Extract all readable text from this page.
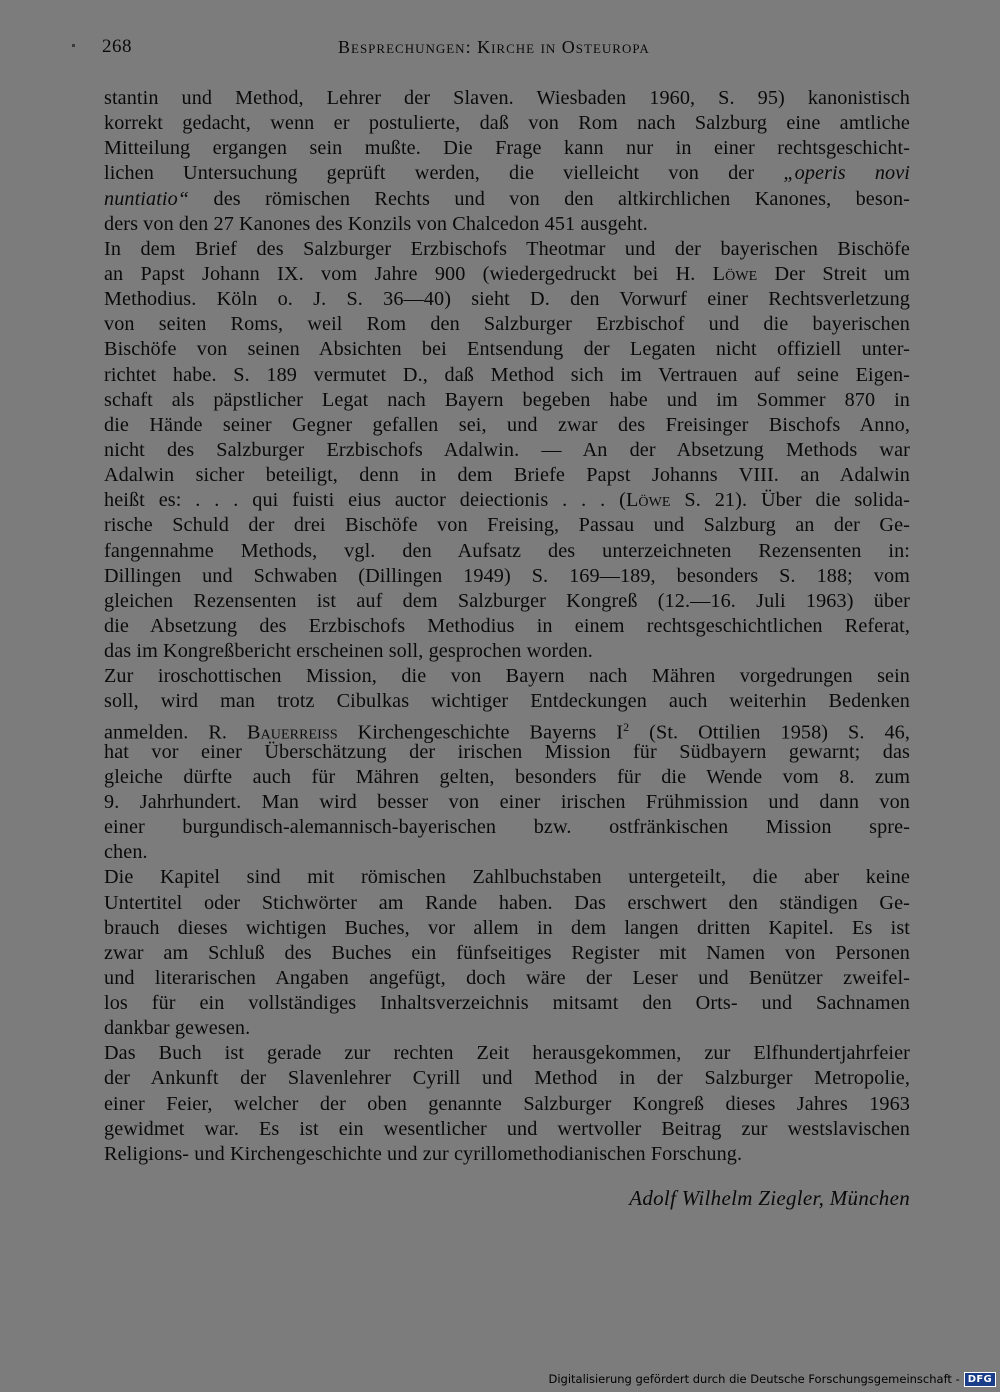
268	Besprechungen: Kirche in Osteuropa
stantin und Method, Lehrer der Slaven. Wiesbaden 1960, S. 95) kanonistisch
korrekt gedacht, wenn er postulierte, daß von Rom nach Salzburg eine amtliche
Mitteilung ergangen sein mußte. Die Frage kann nur in einer rechtsgeschicht-
lichen Untersuchung geprüft werden, die vielleicht von der „operis novi
nuntiatio“ des römischen Rechts und von den altkirchlichen Kanones, beson-
ders von den 27 Kanones des Konzils von Chalcedon 451 ausgeht.
In dem Brief des Salzburger Erzbischofs Theotmar und der bayerischen Bischöfe
an Papst Johann IX. vom Jahre 900 (wiedergedruckt bei H. Löwe Der Streit um
Methodius. Köln o. J. S. 36—40) sieht D. den Vorwurf einer Rechtsverletzung
von seiten Roms, weil Rom den Salzburger Erzbischof und die bayerischen
Bischöfe von seinen Absichten bei Entsendung der Legaten nicht offiziell unter-
richtet habe. S. 189 vermutet D., daß Method sich im Vertrauen auf seine Eigen-
schaft als päpstlicher Legat nach Bayern begeben habe und im Sommer 870 in
die Hände seiner Gegner gefallen sei, und zwar des Freisinger Bischofs Anno,
nicht des Salzburger Erzbischofs Adalwin. — An der Absetzung Methods war
Adalwin sicher beteiligt, denn in dem Briefe Papst Johanns VIII. an Adalwin
heißt es: . . . qui fuisti eius auctor deiectionis . . . (Löwe S. 21). Über die solida-
rische Schuld der drei Bischöfe von Freising, Passau und Salzburg an der Ge-
fangennahme Methods, vgl. den Aufsatz des unterzeichneten Rezensenten in:
Dillingen und Schwaben (Dillingen 1949) S. 169—189, besonders S. 188; vom
gleichen Rezensenten ist auf dem Salzburger Kongreß (12.—16. Juli 1963) über
die Absetzung des Erzbischofs Methodius in einem rechtsgeschichtlichen Referat,
das im Kongreßbericht erscheinen soll, gesprochen worden.
Zur iroschottischen Mission, die von Bayern nach Mähren vorgedrungen sein
soll, wird man trotz Cibulkas wichtiger Entdeckungen auch weiterhin Bedenken
anmelden. R. Bauerreiss Kirchengeschichte Bayerns $I^2$ (St. Ottilien 1958) S. 46,
hat vor einer Überschätzung der irischen Mission für Südbayern gewarnt; das
gleiche dürfte auch für Mähren gelten, besonders für die Wende vom 8. zum
9. Jahrhundert. Man wird besser von einer irischen Frühmission und dann von
einer burgundisch-alemannisch-bayerischen bzw. ostfränkischen Mission spre-
chen.
Die Kapitel sind mit römischen Zahlbuchstaben untergeteilt, die aber keine
Untertitel oder Stichwörter am Rande haben. Das erschwert den ständigen Ge-
brauch dieses wichtigen Buches, vor allem in dem langen dritten Kapitel. Es ist
zwar am Schluß des Buches ein fünfseitiges Register mit Namen von Personen
und literarischen Angaben angefügt, doch wäre der Leser und Benützer zweifel-
los für ein vollständiges Inhaltsverzeichnis mitsamt den Orts- und Sachnamen
dankbar gewesen.
Das Buch ist gerade zur rechten Zeit herausgekommen, zur Elfhundertjahrfeier
der Ankunft der Slavenlehrer Cyrill und Method in der Salzburger Metropolie,
einer Feier, welcher der oben genannte Salzburger Kongreß dieses Jahres 1963
gewidmet war. Es ist ein wesentlicher und wertvoller Beitrag zur westslavischen
Religions- und Kirchengeschichte und zur cyrillomethodianischen Forschung.
Adolf Wilhelm Ziegler, München
Digitalisierung gefördert durch die Deutsche Forschungsgemeinschaft - DFG
